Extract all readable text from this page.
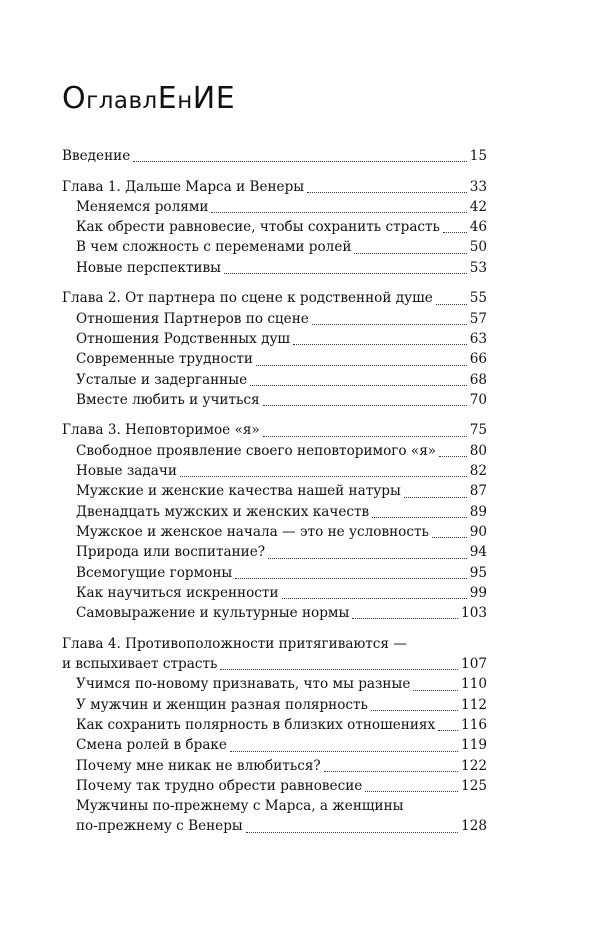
ОглавлЕнИЕ
Введение	15
Глава 1. Дальше Марса и Венеры	33
Меняемся ролями	42
Как обрести равновесие, чтобы сохранить страсть 46
В чем сложность с переменами ролей	50
Новые перспективы	53
Глава 2. От партнера по сцене к родственной душе	55
Отношения Партнеров по сцене	57
Отношения Родственных душ	63
Современные трудности	66
Усталые и задерганные	68
Вместе любить и учиться	70
Глава 3. Неповторимое «я»	75
Свободное проявление своего неповторимого «я» 80
Новые задачи	82
Мужские и женские качества нашей натуры	87
Двенадцать мужских и женских качеств	89
Мужское и женское начала — это не условность	90
Природа или воспитание?	94
Всемогущие гормоны	95
Как научиться искренности	99
Самовыражение и культурные нормы	103
Глава 4. Противоположности притягиваются —
и вспыхивает страсть	107
Учимся по-новому признавать, что мы разные	110
У мужчин и женщин разная полярность	112
Как сохранить полярность в близких отношениях 116
Смена ролей в браке	119
Почему мне никак не влюбиться?	122
Почему так трудно обрести равновесие	125
Мужчины по-прежнему с Марса, а женщины
по-прежнему с Венеры	128
